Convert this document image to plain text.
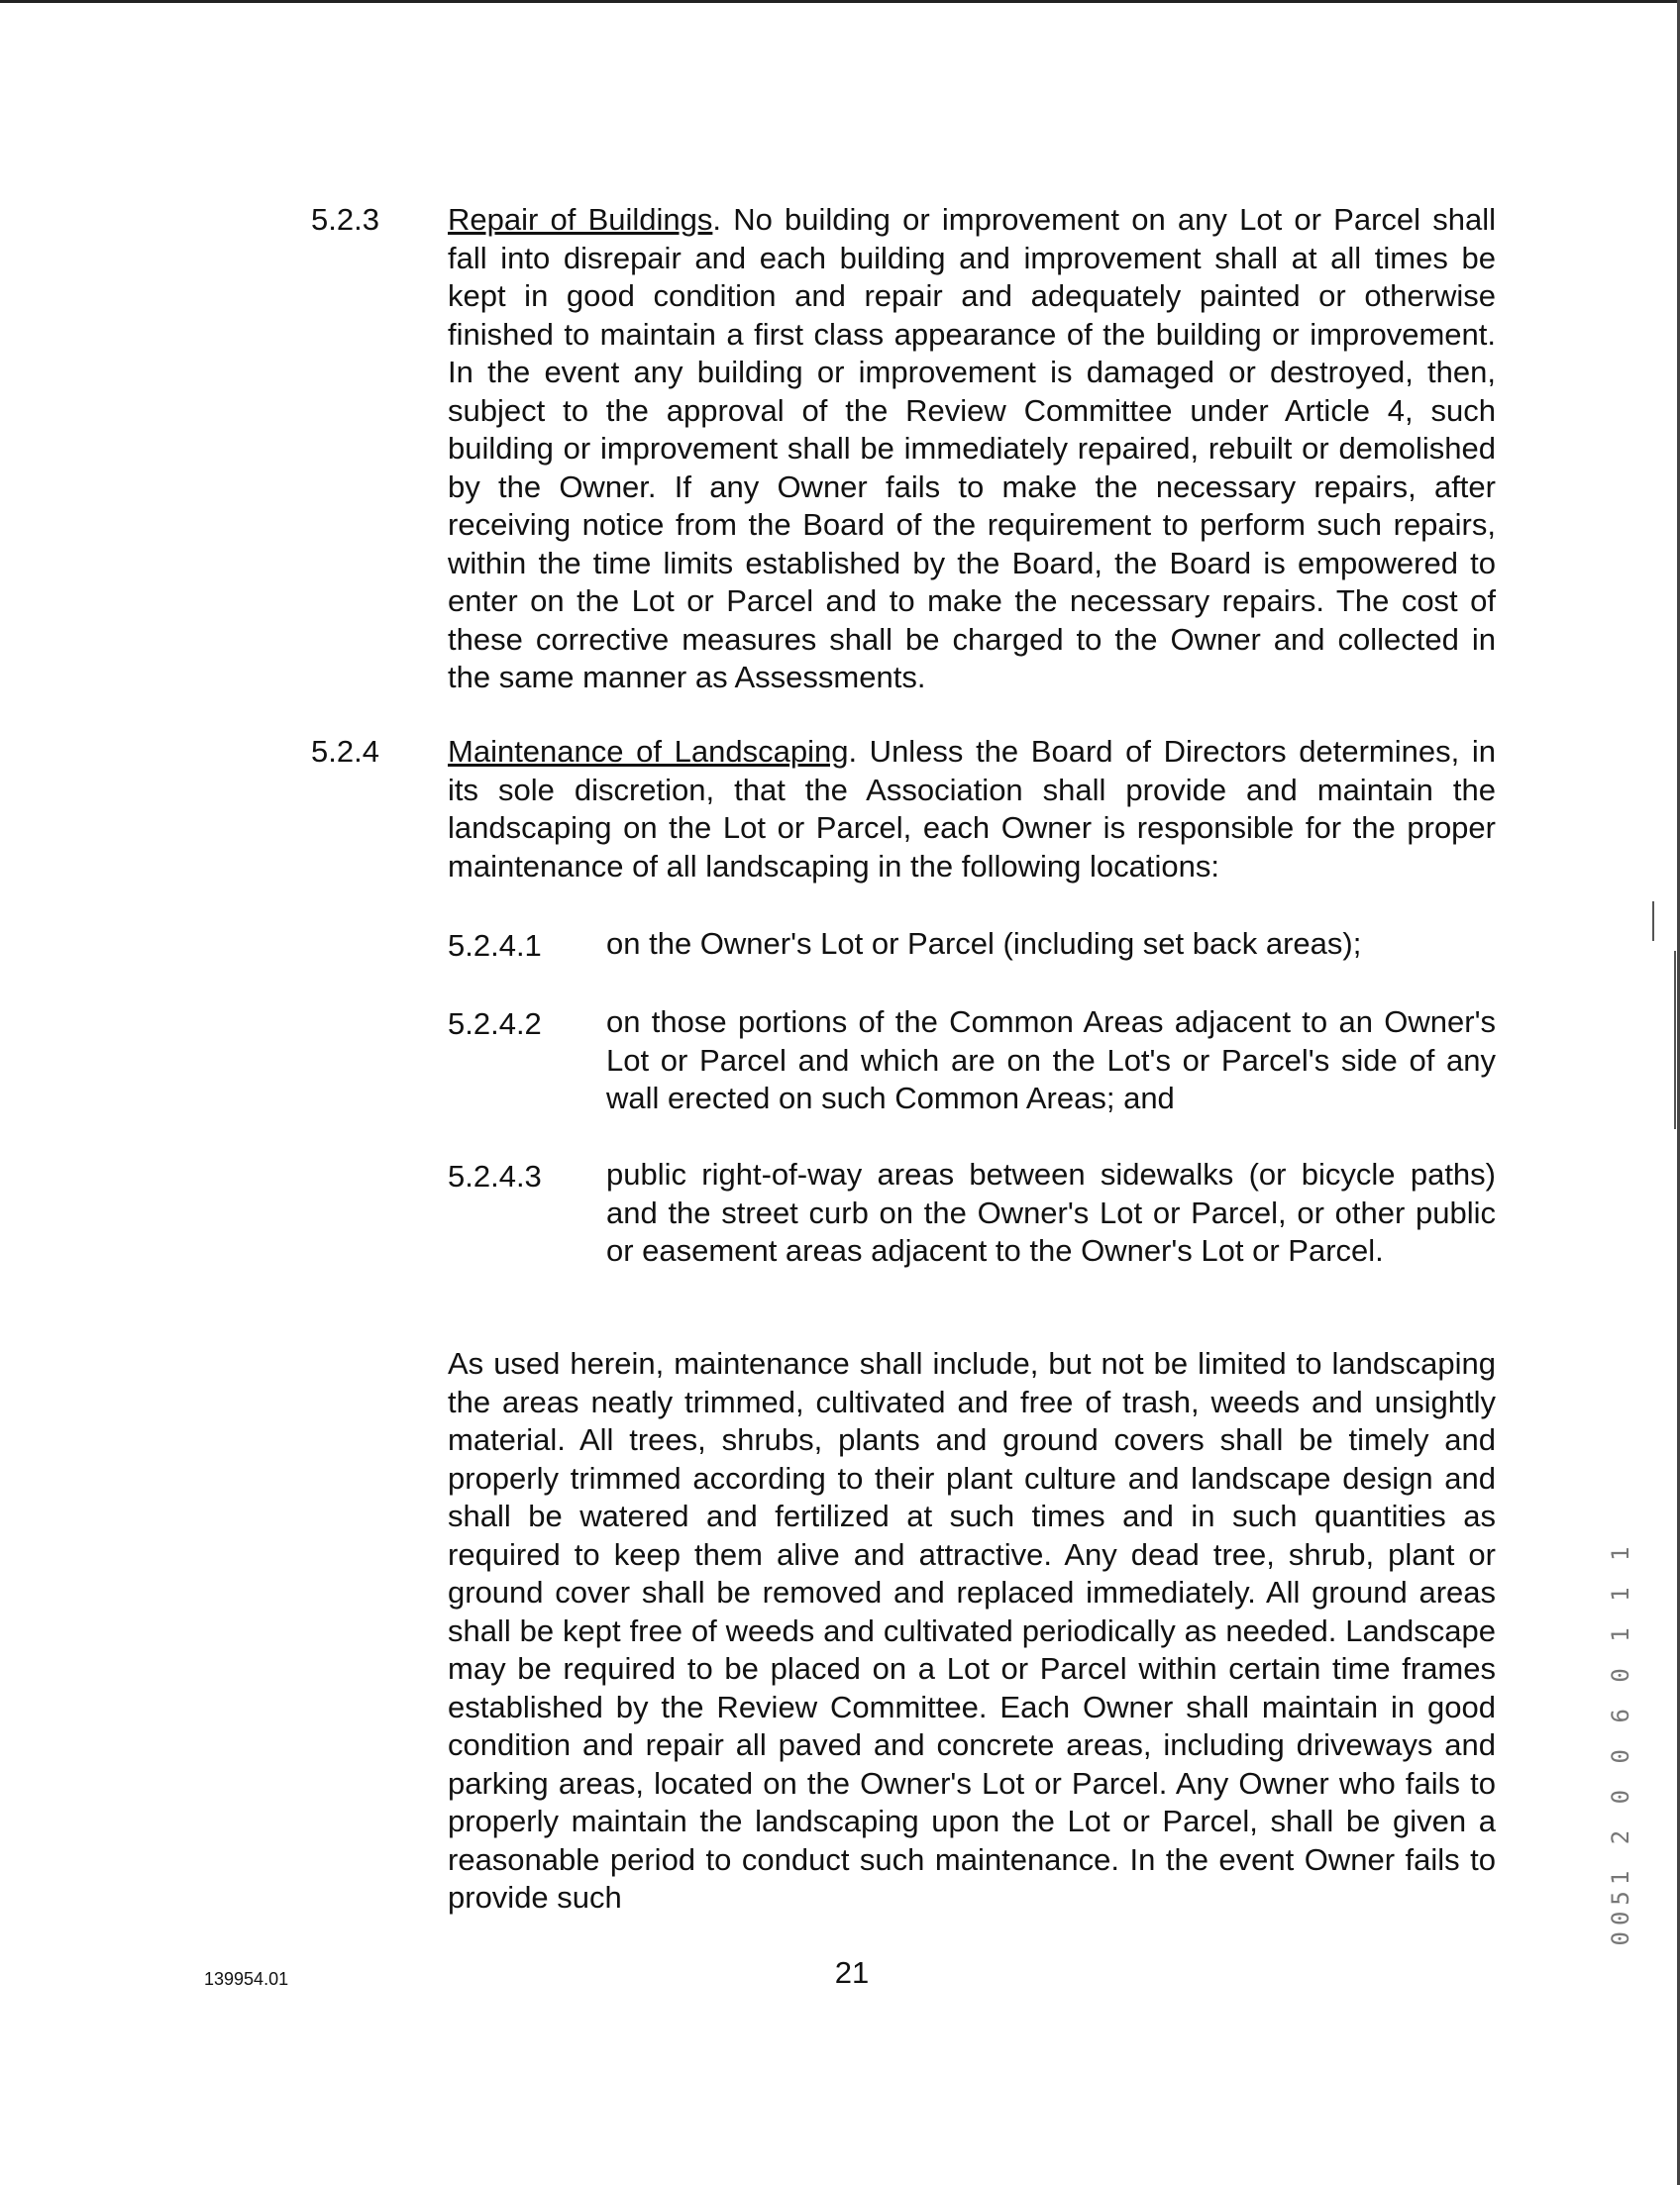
5.2.3 Repair of Buildings. No building or improvement on any Lot or Parcel shall fall into disrepair and each building and improvement shall at all times be kept in good condition and repair and adequately painted or otherwise finished to maintain a first class appearance of the building or improvement. In the event any building or improvement is damaged or destroyed, then, subject to the approval of the Review Committee under Article 4, such building or improvement shall be immediately repaired, rebuilt or demolished by the Owner. If any Owner fails to make the necessary repairs, after receiving notice from the Board of the requirement to perform such repairs, within the time limits established by the Board, the Board is empowered to enter on the Lot or Parcel and to make the necessary repairs. The cost of these corrective measures shall be charged to the Owner and collected in the same manner as Assessments.
5.2.4 Maintenance of Landscaping. Unless the Board of Directors determines, in its sole discretion, that the Association shall provide and maintain the landscaping on the Lot or Parcel, each Owner is responsible for the proper maintenance of all landscaping in the following locations:
5.2.4.1 on the Owner's Lot or Parcel (including set back areas);
5.2.4.2 on those portions of the Common Areas adjacent to an Owner's Lot or Parcel and which are on the Lot's or Parcel's side of any wall erected on such Common Areas; and
5.2.4.3 public right-of-way areas between sidewalks (or bicycle paths) and the street curb on the Owner's Lot or Parcel, or other public or easement areas adjacent to the Owner's Lot or Parcel.
As used herein, maintenance shall include, but not be limited to landscaping the areas neatly trimmed, cultivated and free of trash, weeds and unsightly material. All trees, shrubs, plants and ground covers shall be timely and properly trimmed according to their plant culture and landscape design and shall be watered and fertilized at such times and in such quantities as required to keep them alive and attractive. Any dead tree, shrub, plant or ground cover shall be removed and replaced immediately. All ground areas shall be kept free of weeds and cultivated periodically as needed. Landscape may be required to be placed on a Lot or Parcel within certain time frames established by the Review Committee. Each Owner shall maintain in good condition and repair all paved and concrete areas, including driveways and parking areas, located on the Owner's Lot or Parcel. Any Owner who fails to properly maintain the landscaping upon the Lot or Parcel, shall be given a reasonable period to conduct such maintenance. In the event Owner fails to provide such
139954.01	21
0051 2 0 0 6 0 1 1 1
